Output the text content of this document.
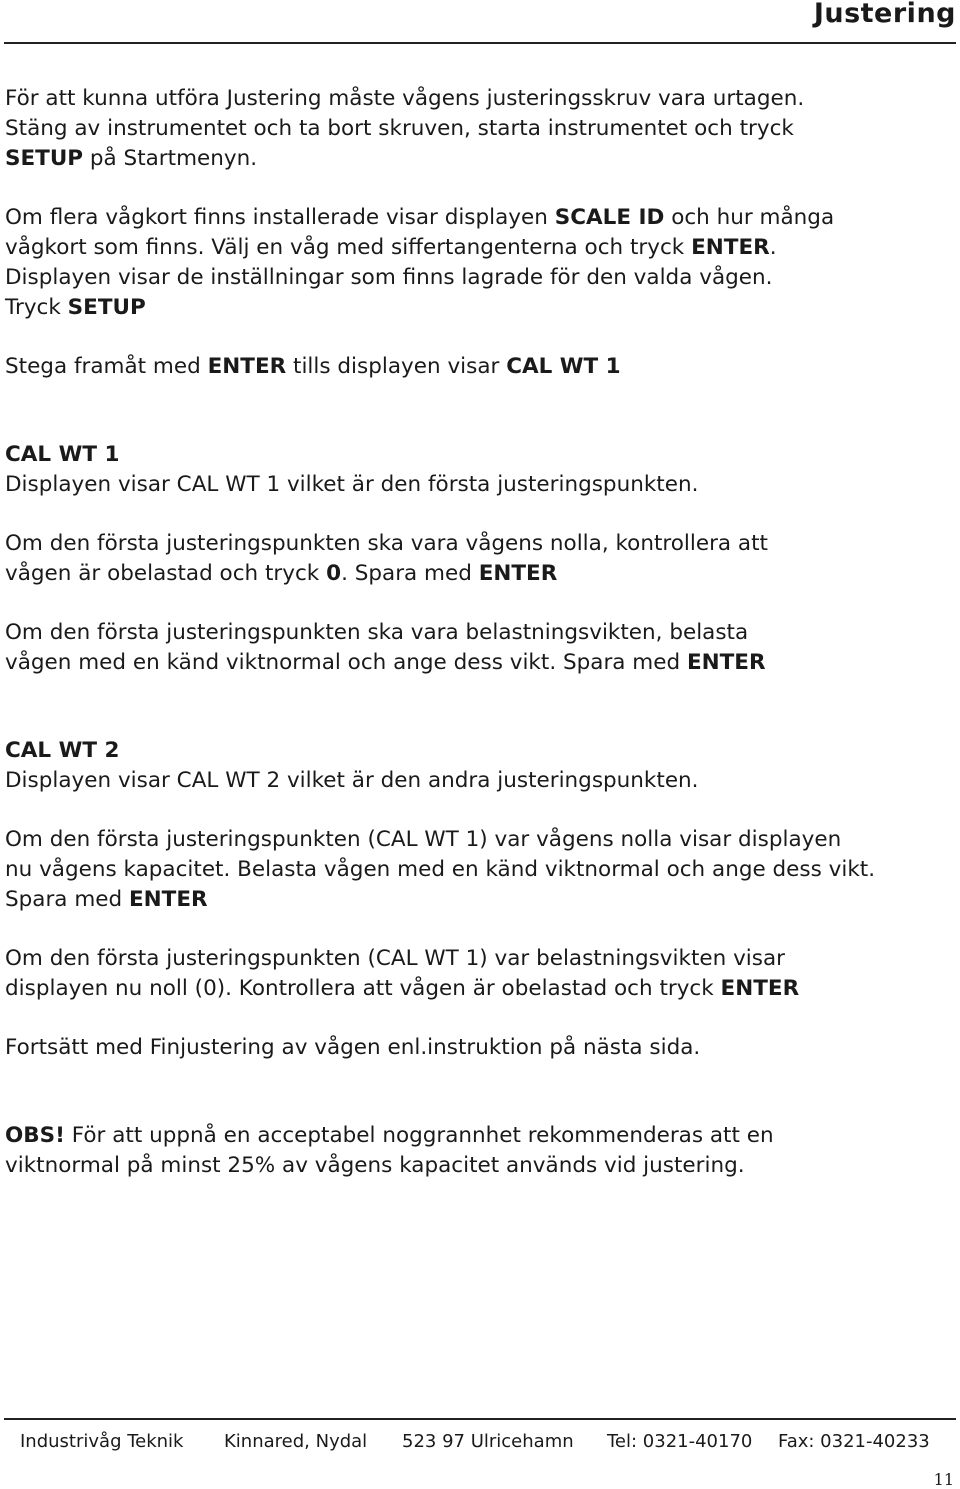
Justering

För att kunna utföra Justering måste vågens justeringsskruv vara urtagen.

Stäng av instrumentet och ta bort skruven, starta instrumentet och tryck

SETUP på Startmenyn.

Om flera vågkort finns installerade visar displayen SCALE ID och hur många

vågkort som finns. Välj en våg med siffertangenterna och tryck ENTER.

Displayen visar de inställningar som finns lagrade för den valda vågen.

Tryck SETUP

Stega framåt med ENTER tills displayen visar CAL WT 1

CAL WT 1

Displayen visar CAL WT 1 vilket är den första justeringspunkten.

Om den första justeringspunkten ska vara vågens nolla, kontrollera att

vågen är obelastad och tryck 0. Spara med ENTER

Om den första justeringspunkten ska vara belastningsvikten, belasta

vågen med en känd viktnormal och ange dess vikt. Spara med ENTER

CAL WT 2

Displayen visar CAL WT 2 vilket är den andra justeringspunkten.

Om den första justeringspunkten (CAL WT 1) var vågens nolla visar displayen

nu vågens kapacitet. Belasta vågen med en känd viktnormal och ange dess vikt.

Spara med ENTER

Om den första justeringspunkten (CAL WT 1) var belastningsvikten visar

displayen nu noll (0). Kontrollera att vågen är obelastad och tryck ENTER

Fortsätt med Finjustering av vågen enl.instruktion på nästa sida.

OBS! För att uppnå en acceptabel noggrannhet rekommenderas att en

viktnormal på minst 25% av vågens kapacitet används vid justering.

Industrivåg Teknik Kinnared, Nydal 523 97 Ulricehamn Tel: 0321-40170 Fax: 0321-40233
11
